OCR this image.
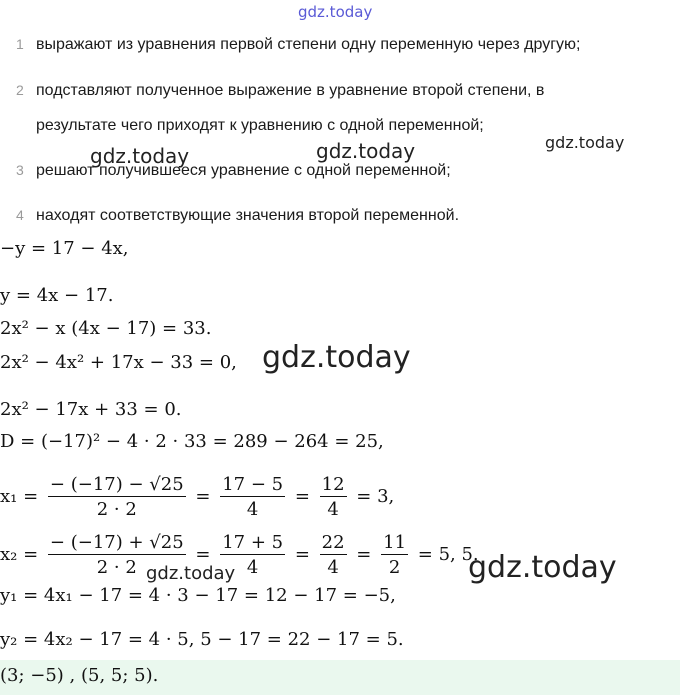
gdz.today
gdz.today	gdz.today	gdz.today
gdz.today
gdz.today
1 выражают из уравнения первой степени одну переменную через другую;
2 подставляют полученное выражение в уравнение второй степени, в
результате чего приходят к уравнению с одной переменной;
3 решают получившееся уравнение с одной переменной;
4 находят соответствующие значения второй переменной.
−y = 17 − 4x,
y = 4x − 17.
2x² − x (4x − 17) = 33.
2x² − 4x² + 17x − 33 = 0,
2x² − 17x + 33 = 0.
D = (−17)² − 4 · 2 · 33 = 289 − 264 = 25,
$x_1 = \frac{- (-17) - √25}{2 \cdot 2} = \frac{17 - 5}{4} = \frac{12}{4} = 3$,
$x_2 = \frac{- (-17) + √25}{2 \cdot 2} = \frac{17 + 5}{4} = \frac{22}{4} = \frac{11}{2} = 5$, 5.
gdz.today
y₁ = 4x₁ − 17 = 4 · 3 − 17 = 12 − 17 = −5,
y₂ = 4x₂ − 17 = 4 · 5, 5 − 17 = 22 − 17 = 5.
(3; −5) , (5, 5; 5).
